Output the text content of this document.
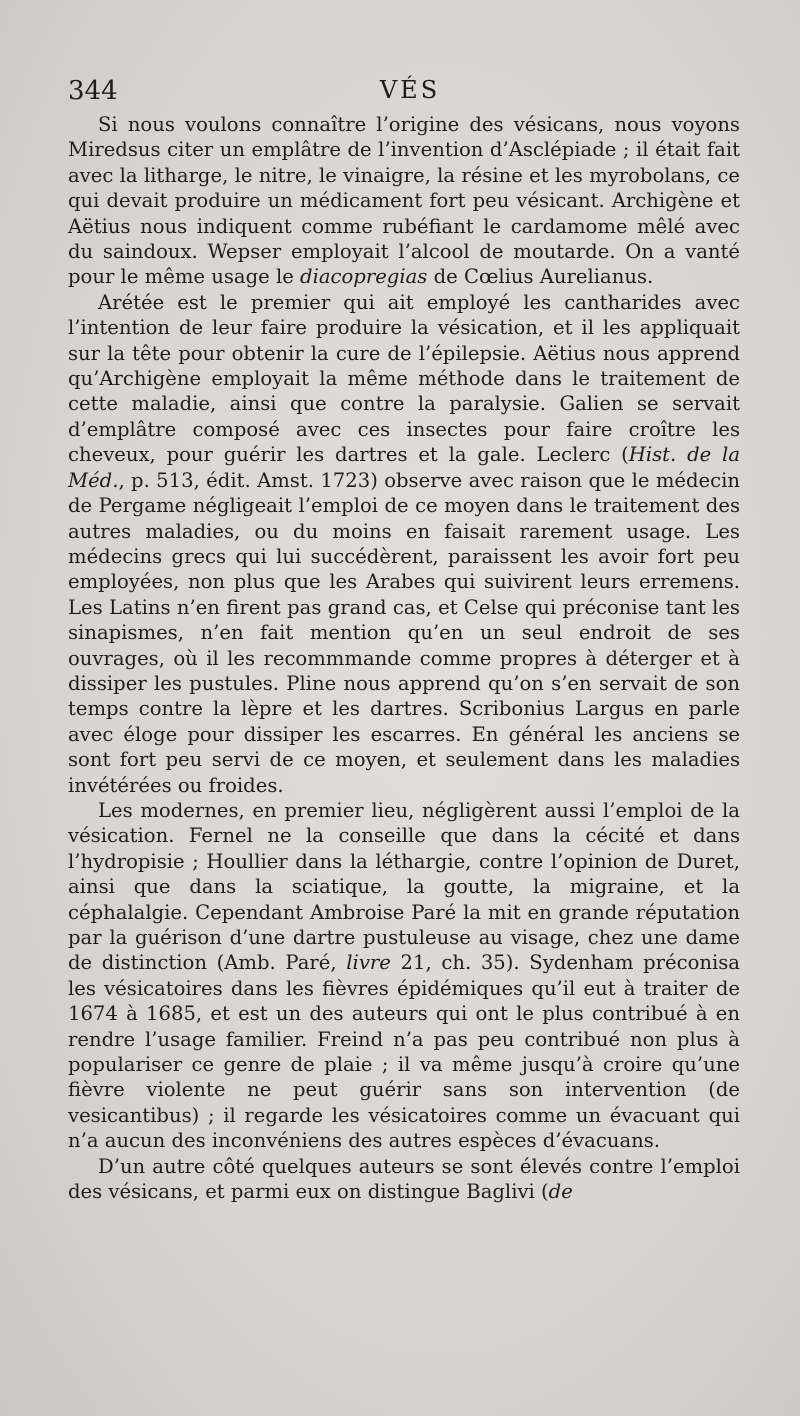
344	VÉS

Si nous voulons connaître l’origine des vésicans, nous voyons Miredsus citer un emplâtre de l’invention d’Asclépiade ; il était fait avec la litharge, le nitre, le vinaigre, la résine et les myrobolans, ce qui devait produire un médicament fort peu vésicant. Archigène et Aëtius nous indiquent comme rubéfiant le cardamome mêlé avec du saindoux. Wepser employait l’alcool de moutarde. On a vanté pour le même usage le diacopregias de Cœlius Aurelianus.

Arétée est le premier qui ait employé les cantharides avec l’intention de leur faire produire la vésication, et il les appliquait sur la tête pour obtenir la cure de l’épilepsie. Aëtius nous apprend qu’Archigène employait la même méthode dans le traitement de cette maladie, ainsi que contre la paralysie. Galien se servait d’emplâtre composé avec ces insectes pour faire croître les cheveux, pour guérir les dartres et la gale. Leclerc (Hist. de la Méd., p. 513, édit. Amst. 1723) observe avec raison que le médecin de Pergame négligeait l’emploi de ce moyen dans le traitement des autres maladies, ou du moins en faisait rarement usage. Les médecins grecs qui lui succédèrent, paraissent les avoir fort peu employées, non plus que les Arabes qui suivirent leurs erremens. Les Latins n’en firent pas grand cas, et Celse qui préconise tant les sinapismes, n’en fait mention qu’en un seul endroit de ses ouvrages, où il les recommmande comme propres à déterger et à dissiper les pustules. Pline nous apprend qu’on s’en servait de son temps contre la lèpre et les dartres. Scribonius Largus en parle avec éloge pour dissiper les escarres. En général les anciens se sont fort peu servi de ce moyen, et seulement dans les maladies invétérées ou froides.

Les modernes, en premier lieu, négligèrent aussi l’emploi de la vésication. Fernel ne la conseille que dans la cécité et dans l’hydropisie ; Houllier dans la léthargie, contre l’opinion de Duret, ainsi que dans la sciatique, la goutte, la migraine, et la céphalalgie. Cependant Ambroise Paré la mit en grande réputation par la guérison d’une dartre pustuleuse au visage, chez une dame de distinction (Amb. Paré, livre 21, ch. 35). Sydenham préconisa les vésicatoires dans les fièvres épidémiques qu’il eut à traiter de 1674 à 1685, et est un des auteurs qui ont le plus contribué à en rendre l’usage familier. Freind n’a pas peu contribué non plus à populariser ce genre de plaie ; il va même jusqu’à croire qu’une fièvre violente ne peut guérir sans son intervention (de vesicantibus) ; il regarde les vésicatoires comme un évacuant qui n’a aucun des inconvéniens des autres espèces d’évacuans.

D’un autre côté quelques auteurs se sont élevés contre l’emploi des vésicans, et parmi eux on distingue Baglivi (de
